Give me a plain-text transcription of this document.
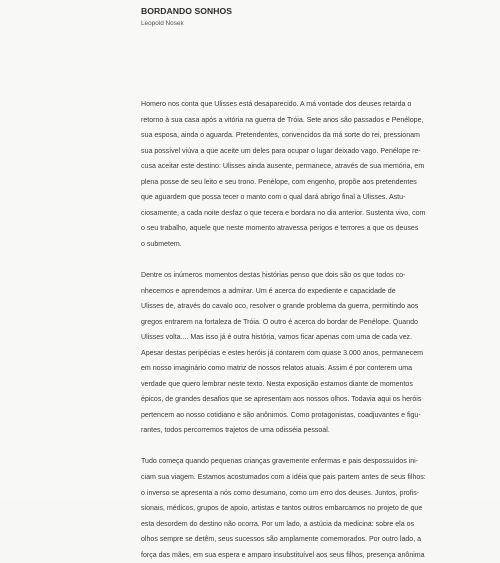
BORDANDO SONHOS
Leopold Nosek
Homero nos conta que Ulisses está desaparecido. A má vontade dos deuses retarda o
retorno à sua casa após a vitória na guerra de Tróia. Sete anos são passados e Penélope,
sua esposa, ainda o aguarda. Pretendentes, convencidos da má sorte do rei, pressionam
sua possível viúva a que aceite um deles para ocupar o lugar deixado vago. Penélope re-
cusa aceitar este destino: Ulisses ainda ausente, permanece, através de sua memória, em
plena posse de seu leito e seu trono. Penélope, com engenho, propõe aos pretendentes
que aguardem que possa tecer o manto com o qual dará abrigo final a Ulisses. Astu-
ciosamente, a cada noite desfaz o que tecera e bordara no dia anterior. Sustenta vivo, com
o seu trabalho, aquele que neste momento atravessa perigos e terrores a que os deuses
o submetem.
Dentre os inúmeros momentos destas histórias penso que dois são os que todos co-
nhecemos e aprendemos a admirar. Um é acerca do expediente e capacidade de
Ulisses de, através do cavalo oco, resolver o grande problema da guerra, permitindo aos
gregos entrarem na fortaleza de Tróia. O outro é acerca do bordar de Penélope. Quando
Ulisses volta.... Mas isso já é outra história, vamos ficar apenas com uma de cada vez.
Apesar destas peripécias e estes heróis já contarem com quase 3.000 anos, permanecem
em nosso imaginário como matriz de nossos relatos atuais. Assim é por conterem uma
verdade que quero lembrar neste texto. Nesta exposição estamos diante de momentos
épicos, de grandes desafios que se apresentam aos nossos olhos. Todavia aqui os heróis
pertencem ao nosso cotidiano e são anônimos. Como protagonistas, coadjuvantes e figu-
rantes, todos percorremos trajetos de uma odisséia pessoal.
Tudo começa quando pequenas crianças gravemente enfermas e pais despossuídos ini-
ciam sua viagem. Estamos acostumados com a idéia que pais partem antes de seus filhos:
o inverso se apresenta a nós como desumano, como um erro dos deuses. Juntos, profis-
sionais, médicos, grupos de apoio, artistas e tantos outros embarcamos no projeto de que
esta desordem do destino não ocorra. Por um lado, a astúcia da medicina: sobre ela os
olhos sempre se detêm, seus sucessos são amplamente comemorados. Por outro lado, a
força das mães, em sua espera e amparo insubstituível aos seus filhos, presença anônima
